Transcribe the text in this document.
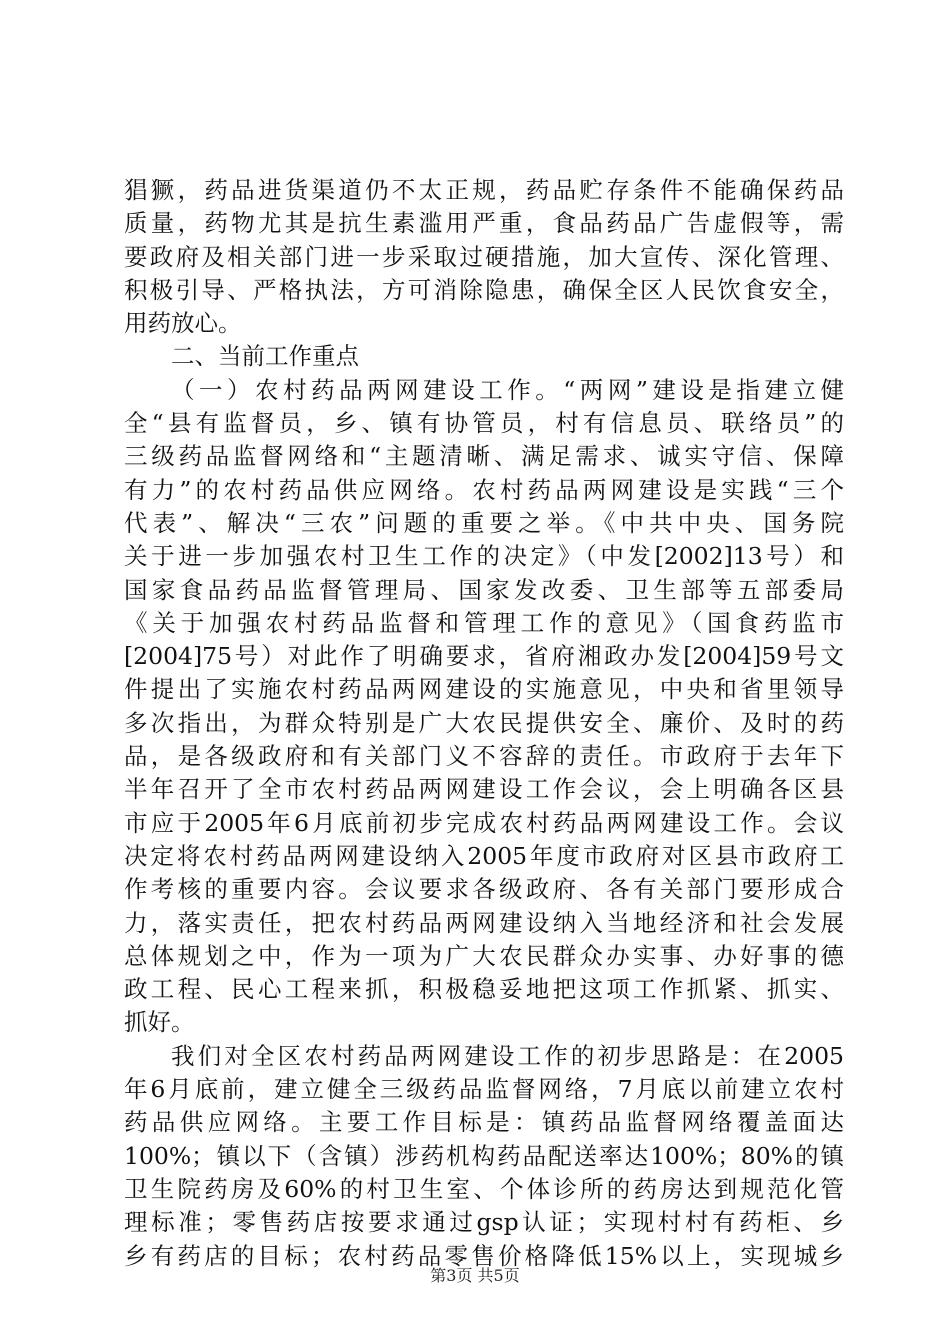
猖獗，药品进货渠道仍不太正规，药品贮存条件不能确保药品
质量，药物尤其是抗生素滥用严重，食品药品广告虚假等，需
要政府及相关部门进一步采取过硬措施，加大宣传、深化管理、
积极引导、严格执法，方可消除隐患，确保全区人民饮食安全，
用药放心。
二、当前工作重点
（一）农村药品两网建设工作。“两网”建设是指建立健
全“县有监督员，乡、镇有协管员，村有信息员、联络员”的
三级药品监督网络和“主题清晰、满足需求、诚实守信、保障
有力”的农村药品供应网络。农村药品两网建设是实践“三个
代表”、解决“三农”问题的重要之举。《中共中央、国务院
关于进一步加强农村卫生工作的决定》（中发[2002]13号）和
国家食品药品监督管理局、国家发改委、卫生部等五部委局
《关于加强农村药品监督和管理工作的意见》（国食药监市
[2004]75号）对此作了明确要求，省府湘政办发[2004]59号文
件提出了实施农村药品两网建设的实施意见，中央和省里领导
多次指出，为群众特别是广大农民提供安全、廉价、及时的药
品，是各级政府和有关部门义不容辞的责任。市政府于去年下
半年召开了全市农村药品两网建设工作会议，会上明确各区县
市应于2005年6月底前初步完成农村药品两网建设工作。会议
决定将农村药品两网建设纳入2005年度市政府对区县市政府工
作考核的重要内容。会议要求各级政府、各有关部门要形成合
力，落实责任，把农村药品两网建设纳入当地经济和社会发展
总体规划之中，作为一项为广大农民群众办实事、办好事的德
政工程、民心工程来抓，积极稳妥地把这项工作抓紧、抓实、
抓好。
我们对全区农村药品两网建设工作的初步思路是：在2005
年6月底前，建立健全三级药品监督网络，7月底以前建立农村
药品供应网络。主要工作目标是：镇药品监督网络覆盖面达
100%；镇以下（含镇）涉药机构药品配送率达100%；80%的镇
卫生院药房及60%的村卫生室、个体诊所的药房达到规范化管
理标准；零售药店按要求通过gsp认证；实现村村有药柜、乡
乡有药店的目标；农村药品零售价格降低15%以上，实现城乡
第3页 共5页
